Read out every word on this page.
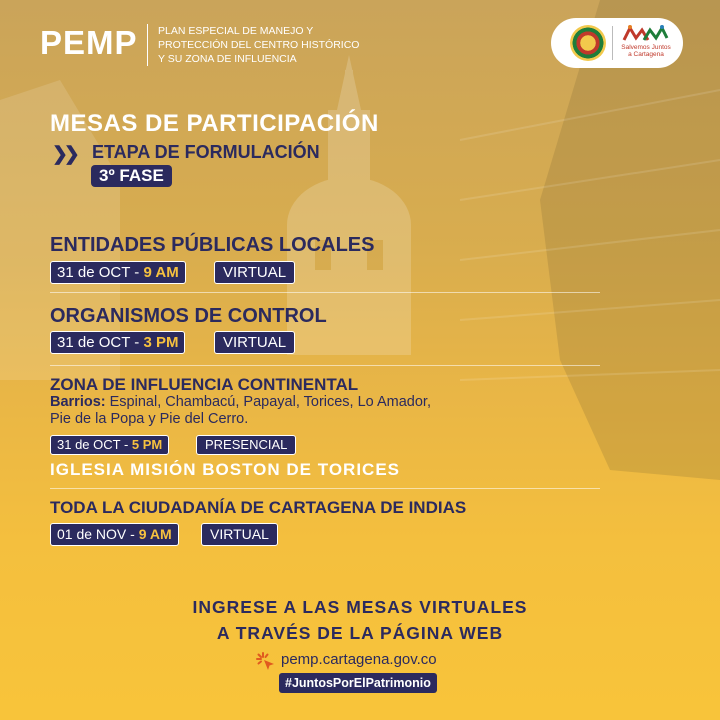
PEMP PLAN ESPECIAL DE MANEJO Y
PROTECCIÓN DEL CENTRO HISTÓRICO
Y SU ZONA DE INFLUENCIA
Salvemos Juntos
a Cartagena
MESAS DE PARTICIPACIÓN
❯❯ ETAPA DE FORMULACIÓN
3º FASE
ENTIDADES PÚBLICAS LOCALES
31 de OCT - 9 AM	VIRTUAL
ORGANISMOS DE CONTROL
31 de OCT - 3 PM	VIRTUAL
ZONA DE INFLUENCIA CONTINENTAL
Barrios: Espinal, Chambacú, Papayal, Torices, Lo Amador,
Pie de la Popa y Pie del Cerro.
31 de OCT - 5 PM	PRESENCIAL
IGLESIA MISIÓN BOSTON DE TORICES
TODA LA CIUDADANÍA DE CARTAGENA DE INDIAS
01 de NOV - 9 AM	VIRTUAL
INGRESE A LAS MESAS VIRTUALES
A TRAVÉS DE LA PÁGINA WEB
pemp.cartagena.gov.co
#JuntosPorElPatrimonio
